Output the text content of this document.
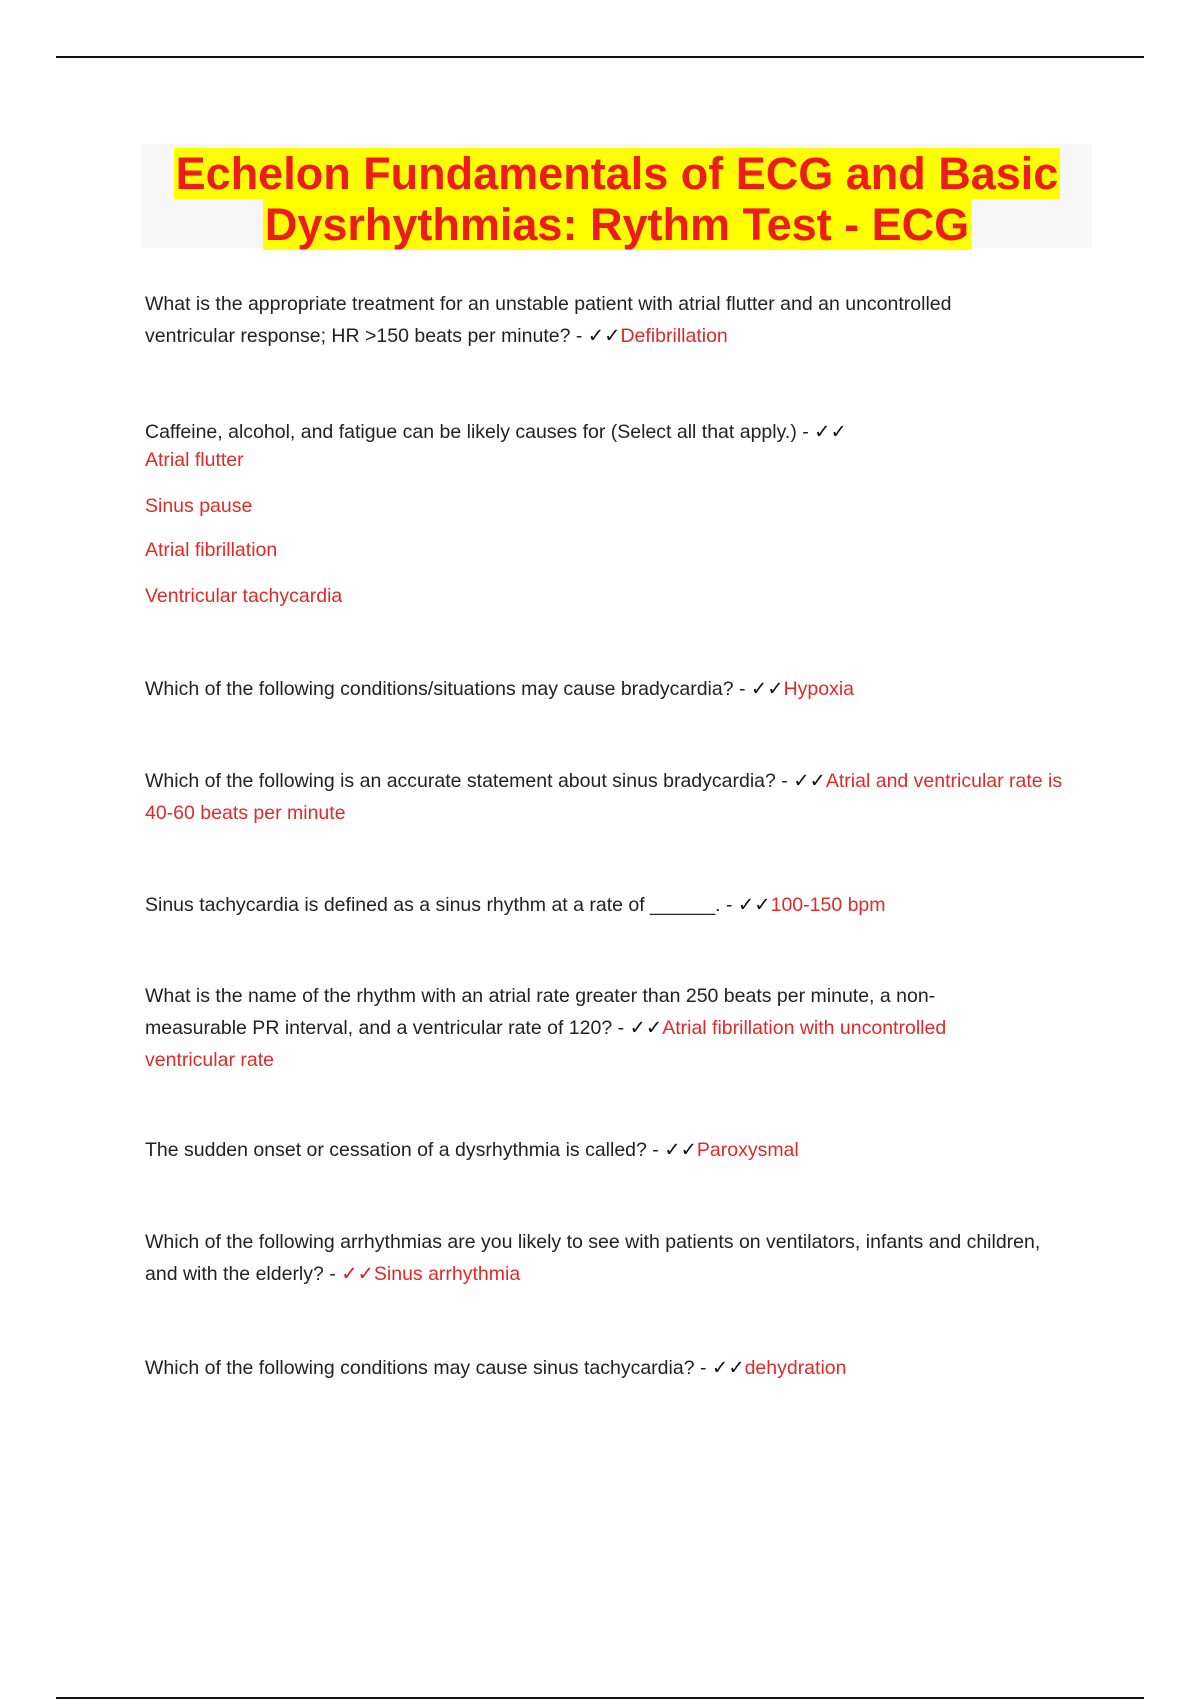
Echelon Fundamentals of ECG and Basic
Dysrhythmias: Rythm Test - ECG

What is the appropriate treatment for an unstable patient with atrial flutter and an uncontrolled ventricular response; HR >150 beats per minute? - ✓✓Defibrillation

Caffeine, alcohol, and fatigue can be likely causes for (Select all that apply.) - ✓✓

Atrial flutter

Sinus pause

Atrial fibrillation

Ventricular tachycardia

Which of the following conditions/situations may cause bradycardia? - ✓✓Hypoxia

Which of the following is an accurate statement about sinus bradycardia? - ✓✓Atrial and ventricular rate is 40-60 beats per minute

Sinus tachycardia is defined as a sinus rhythm at a rate of ______. - ✓✓100-150 bpm

What is the name of the rhythm with an atrial rate greater than 250 beats per minute, a non-measurable PR interval, and a ventricular rate of 120? - ✓✓Atrial fibrillation with uncontrolled ventricular rate

The sudden onset or cessation of a dysrhythmia is called? - ✓✓Paroxysmal

Which of the following arrhythmias are you likely to see with patients on ventilators, infants and children, and with the elderly? - ✓✓Sinus arrhythmia

Which of the following conditions may cause sinus tachycardia? - ✓✓dehydration
